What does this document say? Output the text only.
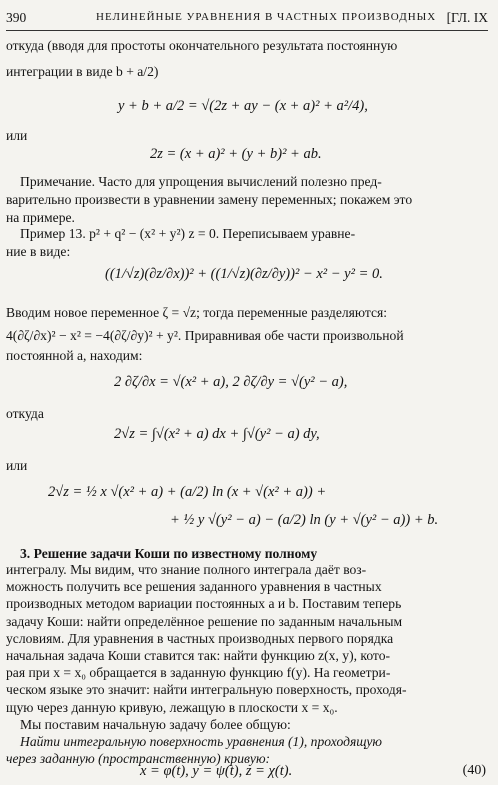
390	НЕЛИНЕЙНЫЕ УРАВНЕНИЯ В ЧАСТНЫХ ПРОИЗВОДНЫХ [ГЛ. IX
откуда (вводя для простоты окончательного результата постоянную
интеграции в виде b + a/2)
y + b + a/2 = √(2z + ay − (x + a)² + a²/4),
или
2z = (x + a)² + (y + b)² + ab.
Примечание. Часто для упрощения вычислений полезно пред-
варительно произвести в уравнении замену переменных; покажем это
на примере.
Пример 13. p² + q² − (x² + y²) z = 0. Переписываем уравне-
ние в виде:
((1/√z)(∂z/∂x))² + ((1/√z)(∂z/∂y))² − x² − y² = 0.
Вводим новое переменное ζ = √z; тогда переменные разделяются:
4(∂ζ/∂x)² − x² = −4(∂ζ/∂y)² + y². Приравнивая обе части произвольной
постоянной a, находим:
2 ∂ζ/∂x = √(x² + a), 2 ∂ζ/∂y = √(y² − a),
откуда
2√z = ∫√(x² + a) dx + ∫√(y² − a) dy,
или
2√z = ½ x √(x² + a) + (a/2) ln (x + √(x² + a)) +
+ ½ y √(y² − a) − (a/2) ln (y + √(y² − a)) + b.
3. Решение задачи Коши по известному полному
интегралу. Мы видим, что знание полного интеграла даёт воз-
можность получить все решения заданного уравнения в частных
производных методом вариации постоянных a и b. Поставим теперь
задачу Коши: найти определённое решение по заданным начальным
условиям. Для уравнения в частных производных первого порядка
начальная задача Коши ставится так: найти функцию z(x, y), кото-
рая при x = x₀ обращается в заданную функцию f(y). На геометри-
ческом языке это значит: найти интегральную поверхность, проходя-
щую через данную кривую, лежащую в плоскости x = x₀.
Мы поставим начальную задачу более общую:
Найти интегральную поверхность уравнения (1), проходящую
через заданную (пространственную) кривую:
x = φ(t), y = ψ(t), z = χ(t).	(40)
